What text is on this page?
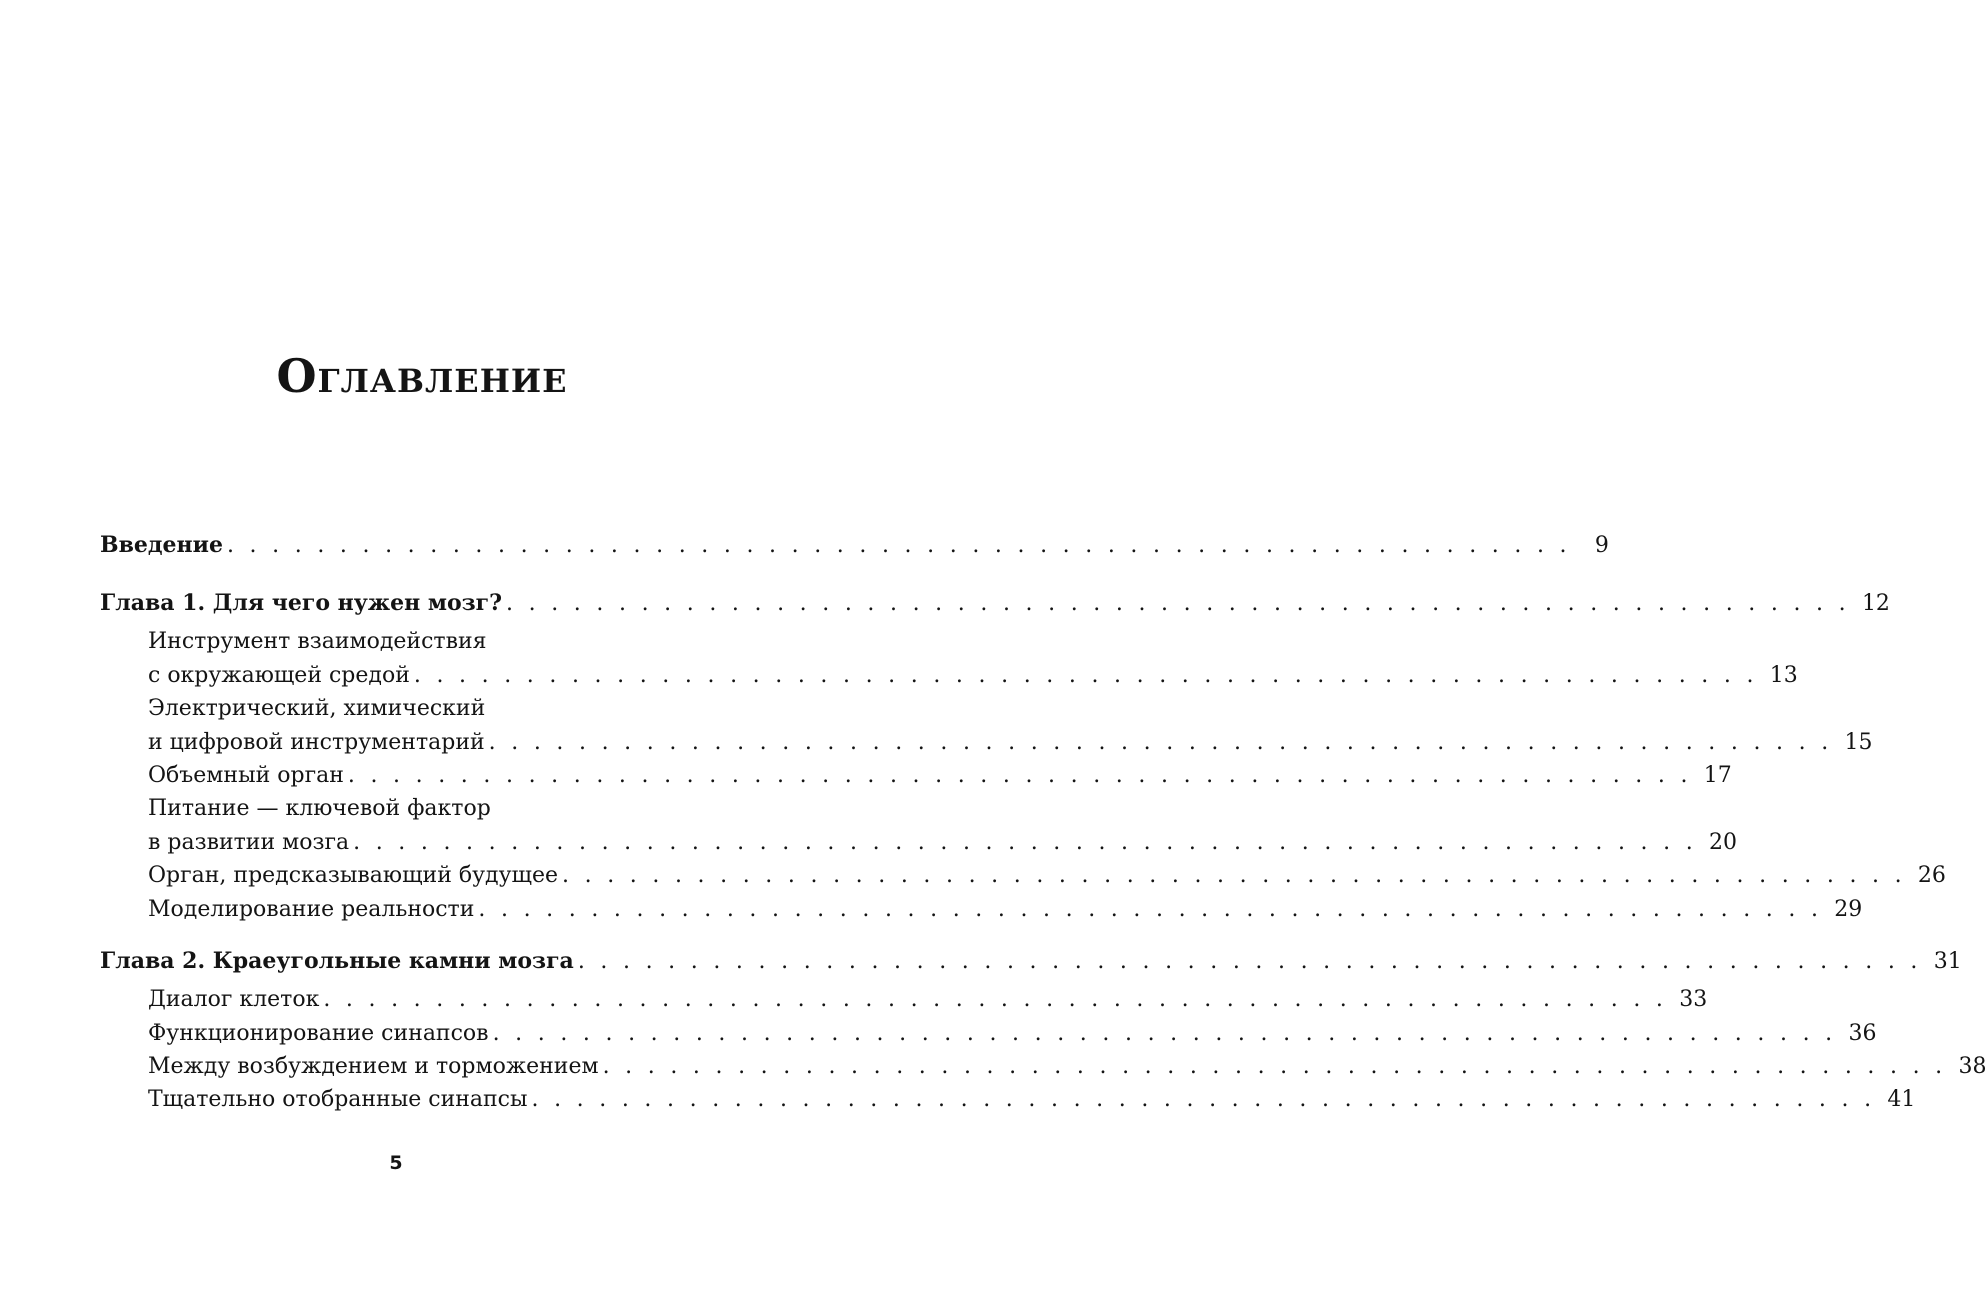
Оглавление
Введение . . . . . . . . . . . . . . . . . . . . . . . . . . . . . . . . . . . . . . . . . . . . . . . . . . . . . . . . . . . .	9
Глава 1. Для чего нужен мозг? . . . . . . . . . . . . . . . . . . . . . . . . . . . . . . . . . . . . . . . . . . . . . . . . . . . . . . . . . . . . 12
Инструмент взаимодействия
с окружающей средой . . . . . . . . . . . . . . . . . . . . . . . . . . . . . . . . . . . . . . . . . . . . . . . . . . . . . . . . . . . . 13
Электрический, химический
и цифровой инструментарий . . . . . . . . . . . . . . . . . . . . . . . . . . . . . . . . . . . . . . . . . . . . . . . . . . . . . . . . . . . . 15
Объемный орган . . . . . . . . . . . . . . . . . . . . . . . . . . . . . . . . . . . . . . . . . . . . . . . . . . . . . . . . . . . . 17
Питание — ключевой фактор
в развитии мозга . . . . . . . . . . . . . . . . . . . . . . . . . . . . . . . . . . . . . . . . . . . . . . . . . . . . . . . . . . . . 20
Орган, предсказывающий будущее . . . . . . . . . . . . . . . . . . . . . . . . . . . . . . . . . . . . . . . . . . . . . . . . . . . . . . . . . . . . 26
Моделирование реальности . . . . . . . . . . . . . . . . . . . . . . . . . . . . . . . . . . . . . . . . . . . . . . . . . . . . . . . . . . . . 29
Глава 2. Краеугольные камни мозга . . . . . . . . . . . . . . . . . . . . . . . . . . . . . . . . . . . . . . . . . . . . . . . . . . . . . . . . . . . . 31
Диалог клеток . . . . . . . . . . . . . . . . . . . . . . . . . . . . . . . . . . . . . . . . . . . . . . . . . . . . . . . . . . . . 33
Функционирование синапсов . . . . . . . . . . . . . . . . . . . . . . . . . . . . . . . . . . . . . . . . . . . . . . . . . . . . . . . . . . . . 36
Между возбуждением и торможением . . . . . . . . . . . . . . . . . . . . . . . . . . . . . . . . . . . . . . . . . . . . . . . . . . . . . . . . . . . . 38
Тщательно отобранные синапсы . . . . . . . . . . . . . . . . . . . . . . . . . . . . . . . . . . . . . . . . . . . . . . . . . . . . . . . . . . . . 41
5
